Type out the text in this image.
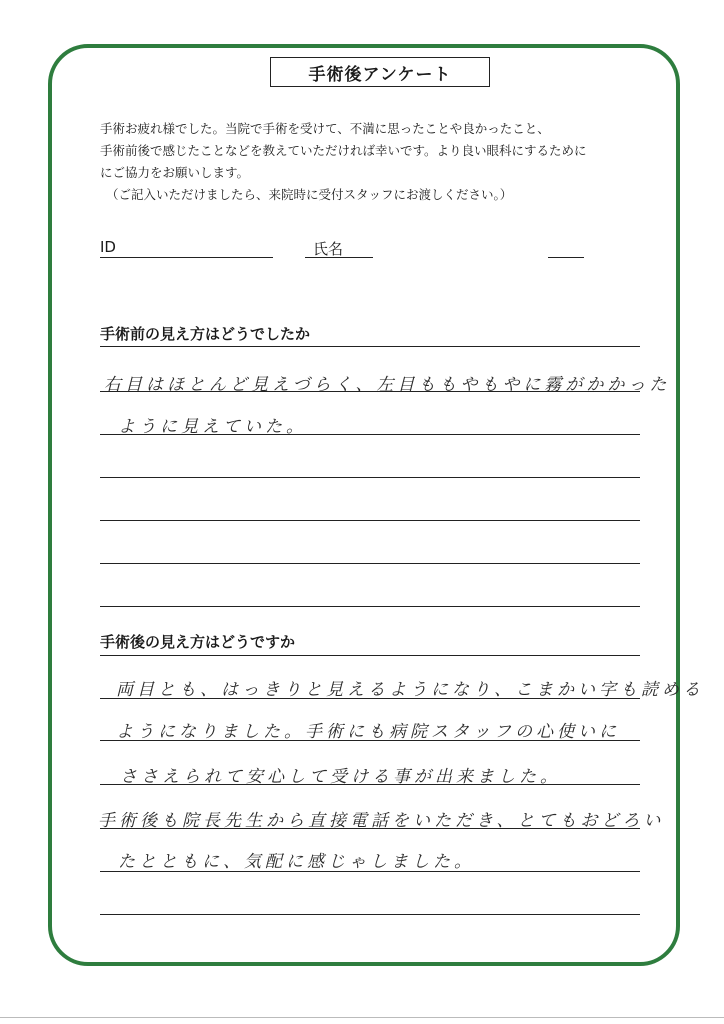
手術後アンケート
手術お疲れ様でした。当院で手術を受けて、不満に思ったことや良かったこと、
手術前後で感じたことなどを教えていただければ幸いです。より良い眼科にするために
にご協力をお願いします。
（ご記入いただけましたら、来院時に受付スタッフにお渡しください。）
ID	氏名
手術前の見え方はどうでしたか
右目はほとんど見えづらく、左目ももやもやに霧がかかった
ように見えていた。
手術後の見え方はどうですか
両目とも、はっきりと見えるようになり、こまかい字も読める
ようになりました。手術にも病院スタッフの心使いに
ささえられて安心して受ける事が出来ました。
手術後も院長先生から直接電話をいただき、とてもおどろい
たとともに、気配に感じゃしました。
